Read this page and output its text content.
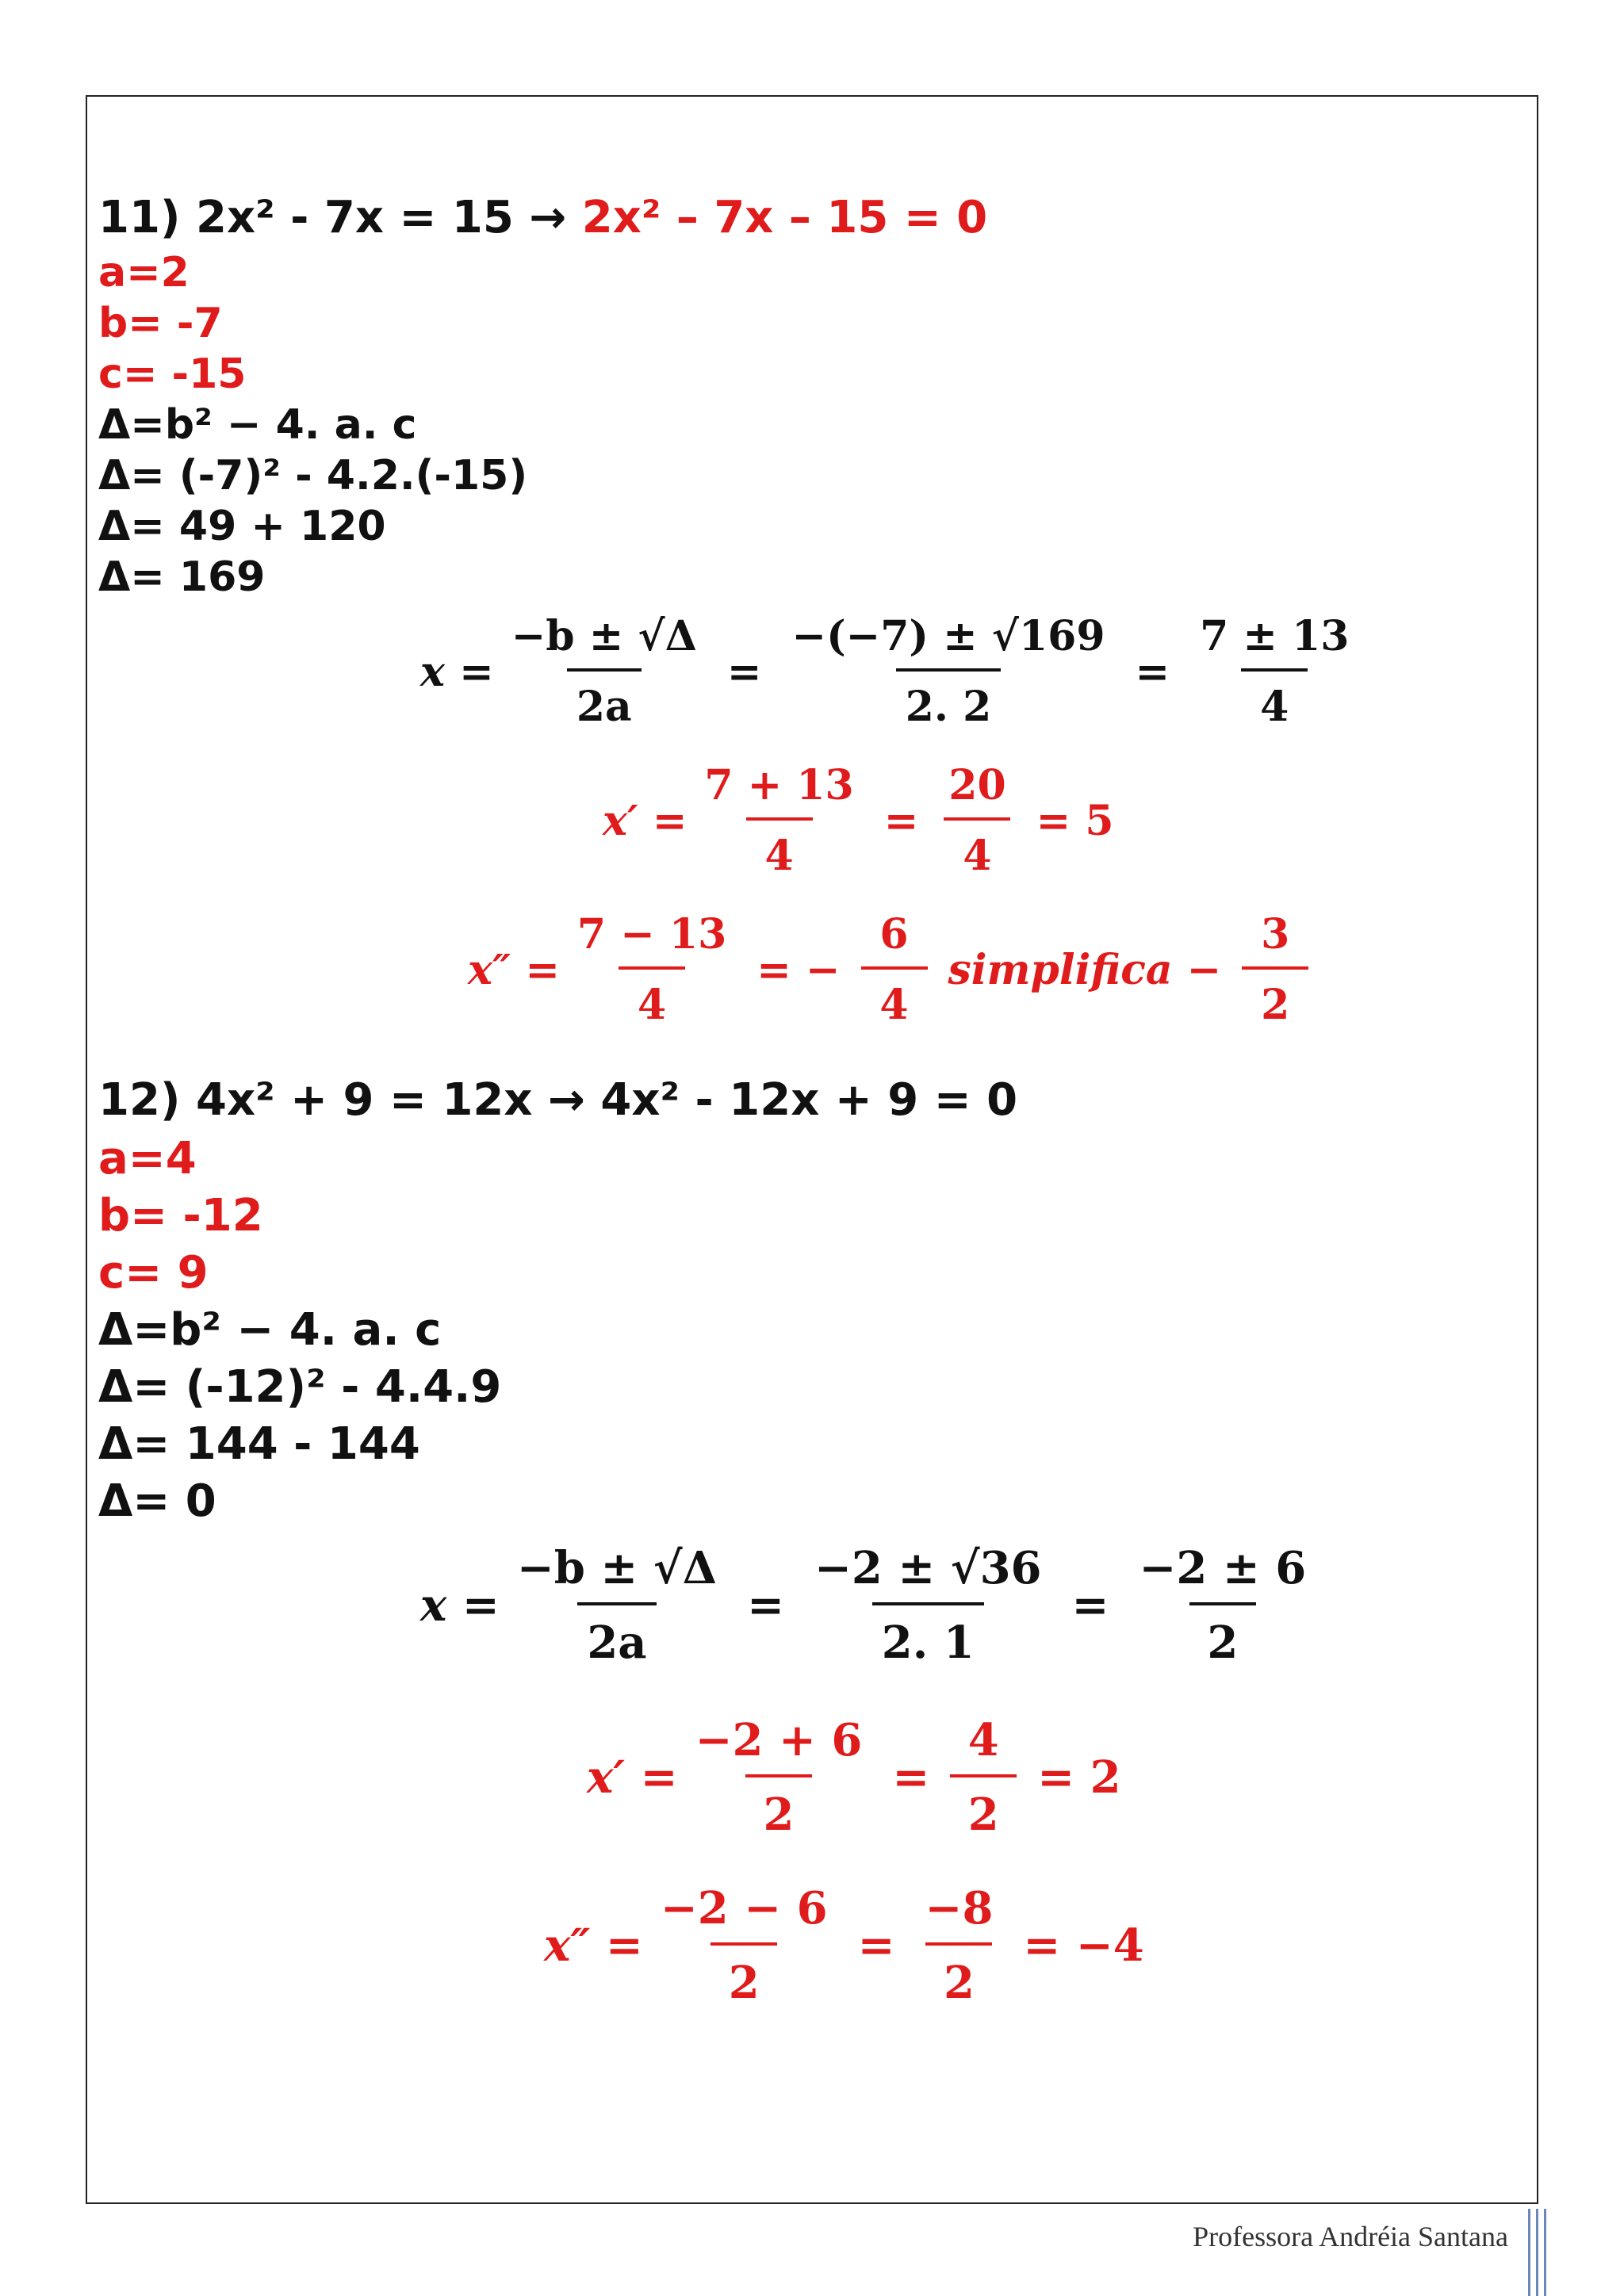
11) 2x² - 7x = 15 → 2x² – 7x – 15 = 0
a=2
b= -7
c= -15
Δ=b² − 4. a. c
Δ= (-7)² - 4.2.(-15)
Δ= 49 + 120
Δ= 169
$x = \frac{-b \pm √\Delta}{2a} = \frac{-(-7) \pm √169}{2. 2} = \frac{7 \pm 13}{4}$
$x' = \frac{7 + 13}{4} = \frac{20}{4} = 5$
$x'' = \frac{7 - 13}{4}$ = − $\frac{6}{4}$ simplifica − $\frac{3}{2}$
12) 4x² + 9 = 12x → 4x² - 12x + 9 = 0
a=4
b= -12
c= 9
Δ=b² − 4. a. c
Δ= (-12)² - 4.4.9
Δ= 144 - 144
Δ= 0
$x = \frac{-b \pm √\Delta}{2a} = \frac{-2 \pm √36}{2. 1} = \frac{-2 \pm 6}{2}$
$x' = \frac{-2 + 6}{2} = \frac{4}{2} = 2$
$x'' = \frac{-2 - 6}{2} = \frac{-8}{2} = -4$
Professora Andréia Santana
